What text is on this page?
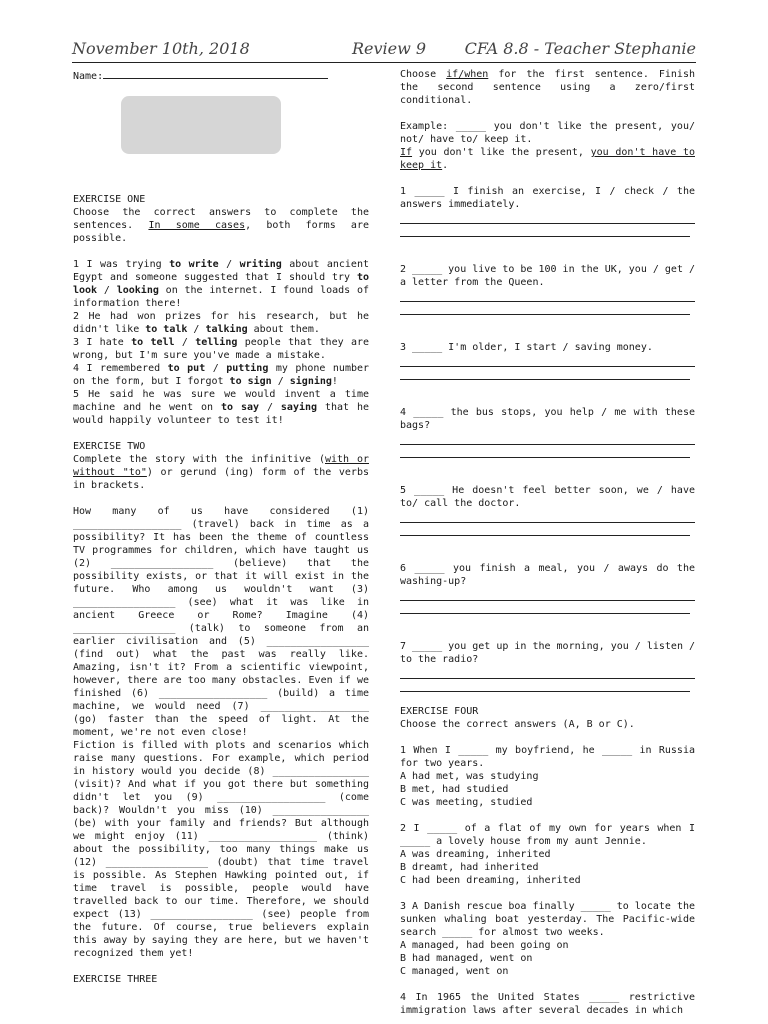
November 10th, 2018	Review 9 CFA 8.8 - Teacher Stephanie
Name:

EXERCISE ONE

Choose the correct answers to complete the sentences. In some cases, both forms are possible.

1 I was trying to write / writing about ancient Egypt and someone suggested that I should try to look / looking on the internet. I found loads of information there!

2 He had won prizes for his research, but he didn't like to talk / talking about them.

3 I hate to tell / telling people that they are wrong, but I'm sure you've made a mistake.

4 I remembered to put / putting my phone number on the form, but I forgot to sign / signing!

5 He said he was sure we would invent a time machine and he went on to say / saying that he would happily volunteer to test it!

EXERCISE TWO

Complete the story with the infinitive (with or without "to") or gerund (ing) form of the verbs in brackets.

How many of us have considered (1) __________________ (travel) back in time as a possibility? It has been the theme of countless TV programmes for children, which have taught us (2) _________________ (believe) that the possibility exists, or that it will exist in the future. Who among us wouldn't want (3) _________________ (see) what it was like in ancient Greece or Rome? Imagine (4) _________________ (talk) to someone from an earlier civilisation and (5) _________________ (find out) what the past was really like. Amazing, isn't it? From a scientific viewpoint, however, there are too many obstacles. Even if we finished (6) __________________ (build) a time machine, we would need (7) __________________ (go) faster than the speed of light. At the moment, we're not even close!

Fiction is filled with plots and scenarios which raise many questions. For example, which period in history would you decide (8) ________________ (visit)? And what if you got there but something didn't let you (9) __________________ (come back)? Wouldn't you miss (10) ________________ (be) with your family and friends? But although we might enjoy (11) __________________ (think) about the possibility, too many things make us (12) _________________ (doubt) that time travel is possible. As Stephen Hawking pointed out, if time travel is possible, people would have travelled back to our time. Therefore, we should expect (13) _________________ (see) people from the future. Of course, true believers explain this away by saying they are here, but we haven't recognized them yet!

EXERCISE THREE

Choose if/when for the first sentence. Finish the second sentence using a zero/first conditional.

Example: _____ you don't like the present, you/ not/ have to/ keep it.

If you don't like the present, you don't have to keep it.

1 _____ I finish an exercise, I / check / the answers immediately.

2 _____ you live to be 100 in the UK, you / get / a letter from the Queen.

3 _____ I'm older, I start / saving money.

4 _____ the bus stops, you help / me with these bags?

5 _____ He doesn't feel better soon, we / have to/ call the doctor.

6 _____ you finish a meal, you / aways do the washing-up?

7 _____ you get up in the morning, you / listen / to the radio?

EXERCISE FOUR

Choose the correct answers (A, B or C).

1 When I _____ my boyfriend, he _____ in Russia for two years.

A had met, was studying

B met, had studied

C was meeting, studied

2 I _____ of a flat of my own for years when I _____ a lovely house from my aunt Jennie.

A was dreaming, inherited

B dreamt, had inherited

C had been dreaming, inherited

3 A Danish rescue boa finally _____ to locate the sunken whaling boat yesterday. The Pacific-wide search _____ for almost two weeks.

A managed, had been going on

B had managed, went on

C managed, went on

4 In 1965 the United States _____ restrictive immigration laws after several decades in which
